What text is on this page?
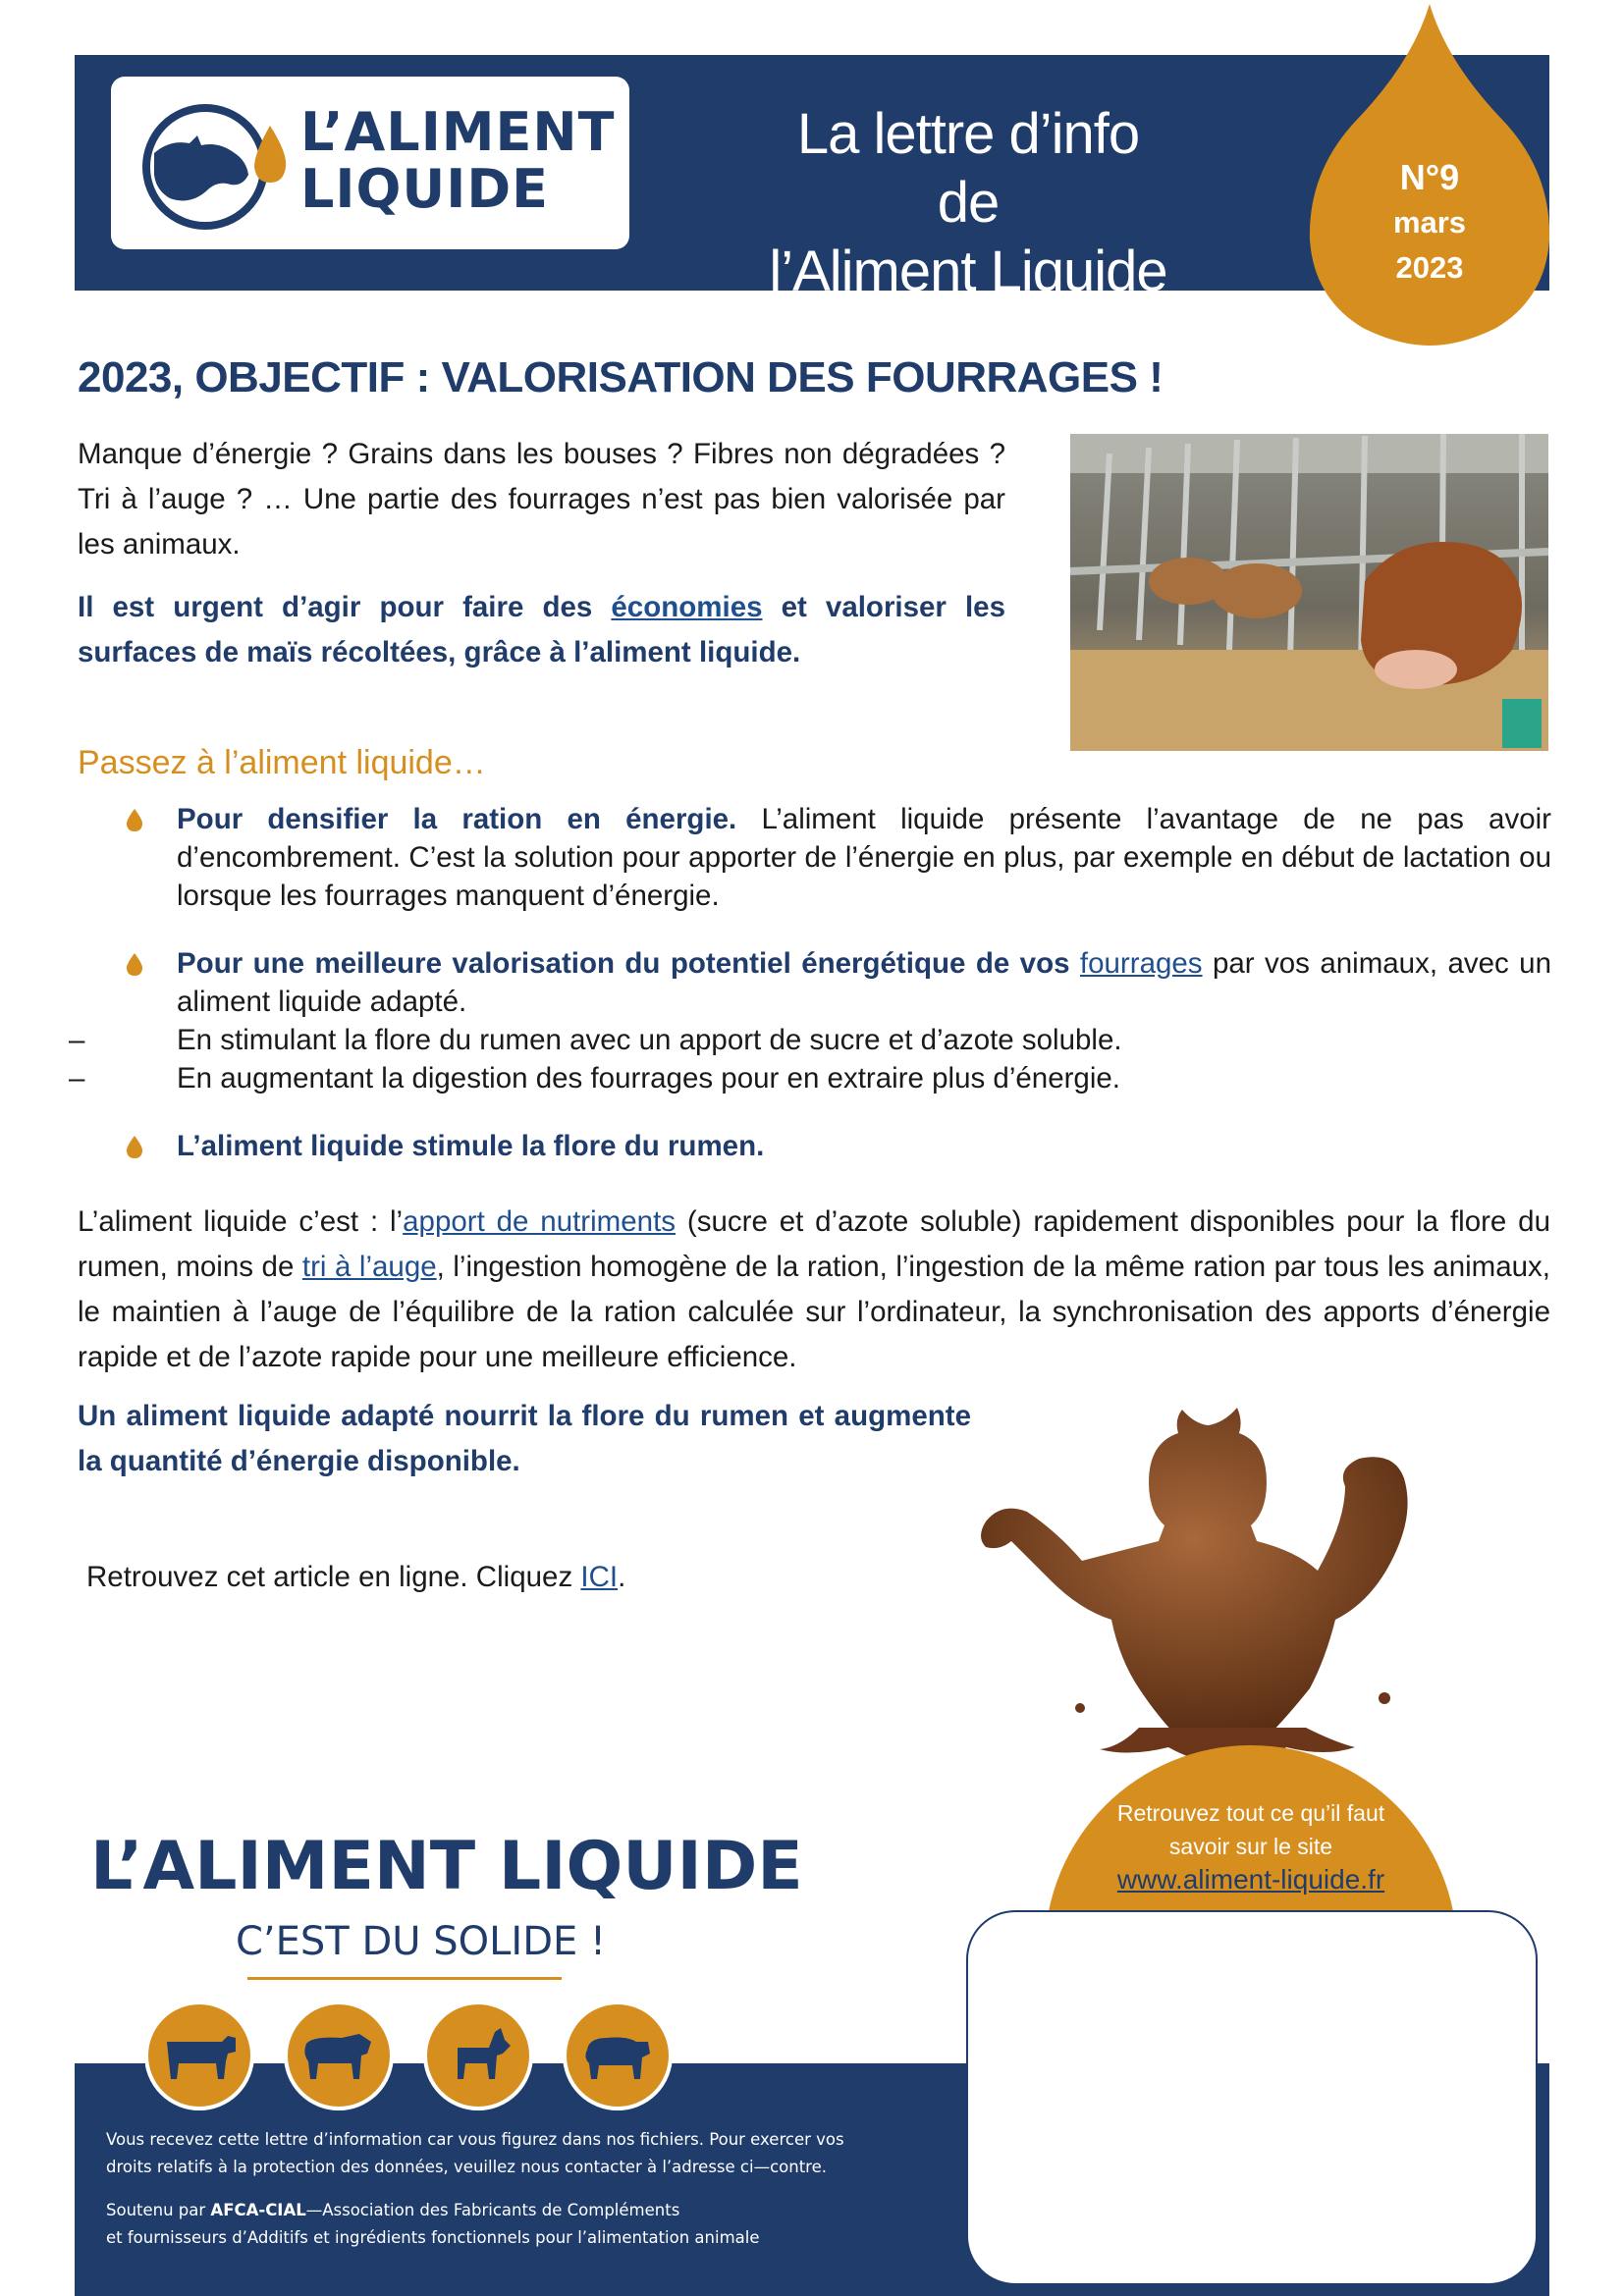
L’ALIMENT
LIQUIDE
La lettre d’info de
l’Aliment Liquide
N°9
mars
2023
2023, OBJECTIF : VALORISATION DES FOURRAGES !
Manque d’énergie ? Grains dans les bouses ? Fibres non dégradées ? Tri à l’auge ? … Une partie des fourrages n’est pas bien valorisée par les animaux.
Il est urgent d’agir pour faire des économies et valoriser les surfaces de maïs récoltées, grâce à l’aliment liquide.
Passez à l’aliment liquide…
Pour densifier la ration en énergie. L’aliment liquide présente l’avantage de ne pas avoir d’encombrement. C’est la solution pour apporter de l’énergie en plus, par exemple en début de lactation ou lorsque les fourrages manquent d’énergie.
Pour une meilleure valorisation du potentiel énergétique de vos fourrages par vos animaux, avec un aliment liquide adapté.
–	En stimulant la flore du rumen avec un apport de sucre et d’azote soluble.
–	En augmentant la digestion des fourrages pour en extraire plus d’énergie.
L’aliment liquide stimule la flore du rumen.
L’aliment liquide c’est : l’apport de nutriments (sucre et d’azote soluble) rapidement disponibles pour la flore du rumen, moins de tri à l’auge, l’ingestion homogène de la ration, l’ingestion de la même ration par tous les animaux, le maintien à l’auge de l’équilibre de la ration calculée sur l’ordinateur, la synchronisation des apports d’énergie rapide et de l’azote rapide pour une meilleure efficience.
Un aliment liquide adapté nourrit la flore du rumen et augmente la quantité d’énergie disponible.
Retrouvez cet article en ligne. Cliquez ICI.
L’ALIMENT LIQUIDE
C’EST DU SOLIDE !
Vous recevez cette lettre d’information car vous figurez dans nos fichiers. Pour exercer vos
droits relatifs à la protection des données, veuillez nous contacter à l’adresse ci—contre.
Soutenu par AFCA-CIAL—Association des Fabricants de Compléments
et fournisseurs d’Additifs et ingrédients fonctionnels pour l’alimentation animale
Retrouvez tout ce qu’il faut
savoir sur le site
www.aliment-liquide.fr
